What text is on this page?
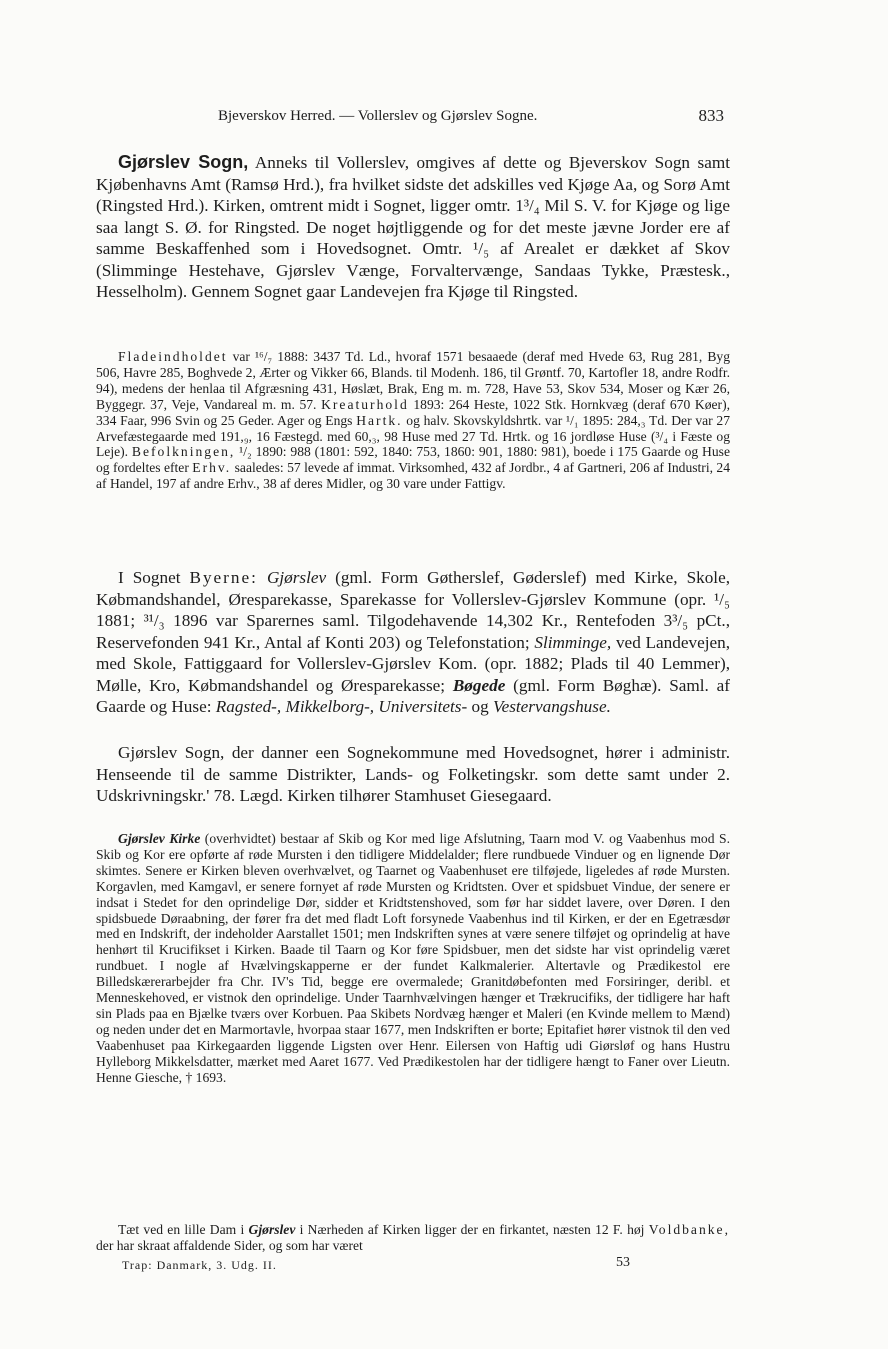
Bjeverskov Herred. — Vollerslev og Gjørslev Sogne.	833

Gjørslev Sogn, Anneks til Vollerslev, omgives af dette og Bjeverskov Sogn samt Kjøbenhavns Amt (Ramsø Hrd.), fra hvilket sidste det adskilles ved Kjøge Aa, og Sorø Amt (Ringsted Hrd.). Kirken, omtrent midt i Sognet, ligger omtr. 1³/₄ Mil S. V. for Kjøge og lige saa langt S. Ø. for Ringsted. De noget højtliggende og for det meste jævne Jorder ere af samme Beskaffenhed som i Hovedsognet. Omtr. ¹/₅ af Arealet er dækket af Skov (Slimminge Hestehave, Gjørslev Vænge, Forvaltervænge, Sandaas Tykke, Præstesk., Hesselholm). Gennem Sognet gaar Landevejen fra Kjøge til Ringsted.

Fladeindholdet var ¹⁶/₇ 1888: 3437 Td. Ld., hvoraf 1571 besaaede (deraf med Hvede 63, Rug 281, Byg 506, Havre 285, Boghvede 2, Ærter og Vikker 66, Blands. til Modenh. 186, til Grøntf. 70, Kartofler 18, andre Rodfr. 94), medens der henlaa til Afgræsning 431, Høslæt, Brak, Eng m. m. 728, Have 53, Skov 534, Moser og Kær 26, Byggegr. 37, Veje, Vandareal m. m. 57. Kreaturhold 1893: 264 Heste, 1022 Stk. Hornkvæg (deraf 670 Køer), 334 Faar, 996 Svin og 25 Geder. Ager og Engs Hartk. og halv. Skovskyldshrtk. var ¹/₁ 1895: 284,₃ Td. Der var 27 Arvefæstegaarde med 191,₉, 16 Fæstegd. med 60,₃, 98 Huse med 27 Td. Hrtk. og 16 jordløse Huse (³/₄ i Fæste og Leje). Befolkningen, ¹/₂ 1890: 988 (1801: 592, 1840: 753, 1860: 901, 1880: 981), boede i 175 Gaarde og Huse og fordeltes efter Erhv. saaledes: 57 levede af immat. Virksomhed, 432 af Jordbr., 4 af Gartneri, 206 af Industri, 24 af Handel, 197 af andre Erhv., 38 af deres Midler, og 30 vare under Fattigv.

I Sognet Byerne: Gjørslev (gml. Form Gøtherslef, Gøderslef) med Kirke, Skole, Købmandshandel, Øresparekasse, Sparekasse for Vollerslev-Gjørslev Kommune (opr. ¹/₅ 1881; ³¹/₃ 1896 var Sparernes saml. Tilgodehavende 14,302 Kr., Rentefoden 3³/₅ pCt., Reservefonden 941 Kr., Antal af Konti 203) og Telefonstation; Slimminge, ved Landevejen, med Skole, Fattiggaard for Vollerslev-Gjørslev Kom. (opr. 1882; Plads til 40 Lemmer), Mølle, Kro, Købmandshandel og Øresparekasse; Bøgede (gml. Form Bøghæ). Saml. af Gaarde og Huse: Ragsted-, Mikkelborg-, Universitets- og Vestervangshuse.

Gjørslev Sogn, der danner een Sognekommune med Hovedsognet, hører i administr. Henseende til de samme Distrikter, Lands- og Folketingskr. som dette samt under 2. Udskrivningskr.' 78. Lægd. Kirken tilhører Stamhuset Giesegaard.

Gjørslev Kirke (overhvidtet) bestaar af Skib og Kor med lige Afslutning, Taarn mod V. og Vaabenhus mod S. Skib og Kor ere opførte af røde Mursten i den tidligere Middelalder; flere rundbuede Vinduer og en lignende Dør skimtes. Senere er Kirken bleven overhvælvet, og Taarnet og Vaabenhuset ere tilføjede, ligeledes af røde Mursten. Korgavlen, med Kamgavl, er senere fornyet af røde Mursten og Kridtsten. Over et spidsbuet Vindue, der senere er indsat i Stedet for den oprindelige Dør, sidder et Kridtstenshoved, som før har siddet lavere, over Døren. I den spidsbuede Døraabning, der fører fra det med fladt Loft forsynede Vaabenhus ind til Kirken, er der en Egetræsdør med en Indskrift, der indeholder Aarstallet 1501; men Indskriften synes at være senere tilføjet og oprindelig at have henhørt til Krucifikset i Kirken. Baade til Taarn og Kor føre Spidsbuer, men det sidste har vist oprindelig været rundbuet. I nogle af Hvælvingskapperne er der fundet Kalkmalerier. Altertavle og Prædikestol ere Billedskærerarbejder fra Chr. IV's Tid, begge ere overmalede; Granitdøbefonten med Forsiringer, deribl. et Menneskehoved, er vistnok den oprindelige. Under Taarnhvælvingen hænger et Trækrucifiks, der tidligere har haft sin Plads paa en Bjælke tværs over Korbuen. Paa Skibets Nordvæg hænger et Maleri (en Kvinde mellem to Mænd) og neden under det en Marmortavle, hvorpaa staar 1677, men Indskriften er borte; Epitafiet hører vistnok til den ved Vaabenhuset paa Kirkegaarden liggende Ligsten over Henr. Eilersen von Haftig udi Giørsløf og hans Hustru Hylleborg Mikkelsdatter, mærket med Aaret 1677. Ved Prædikestolen har der tidligere hængt to Faner over Lieutn. Henne Giesche, † 1693.

Tæt ved en lille Dam i Gjørslev i Nærheden af Kirken ligger der en firkantet, næsten 12 F. høj Voldbanke, der har skraat affaldende Sider, og som har været

Trap: Danmark, 3. Udg. II.	53
